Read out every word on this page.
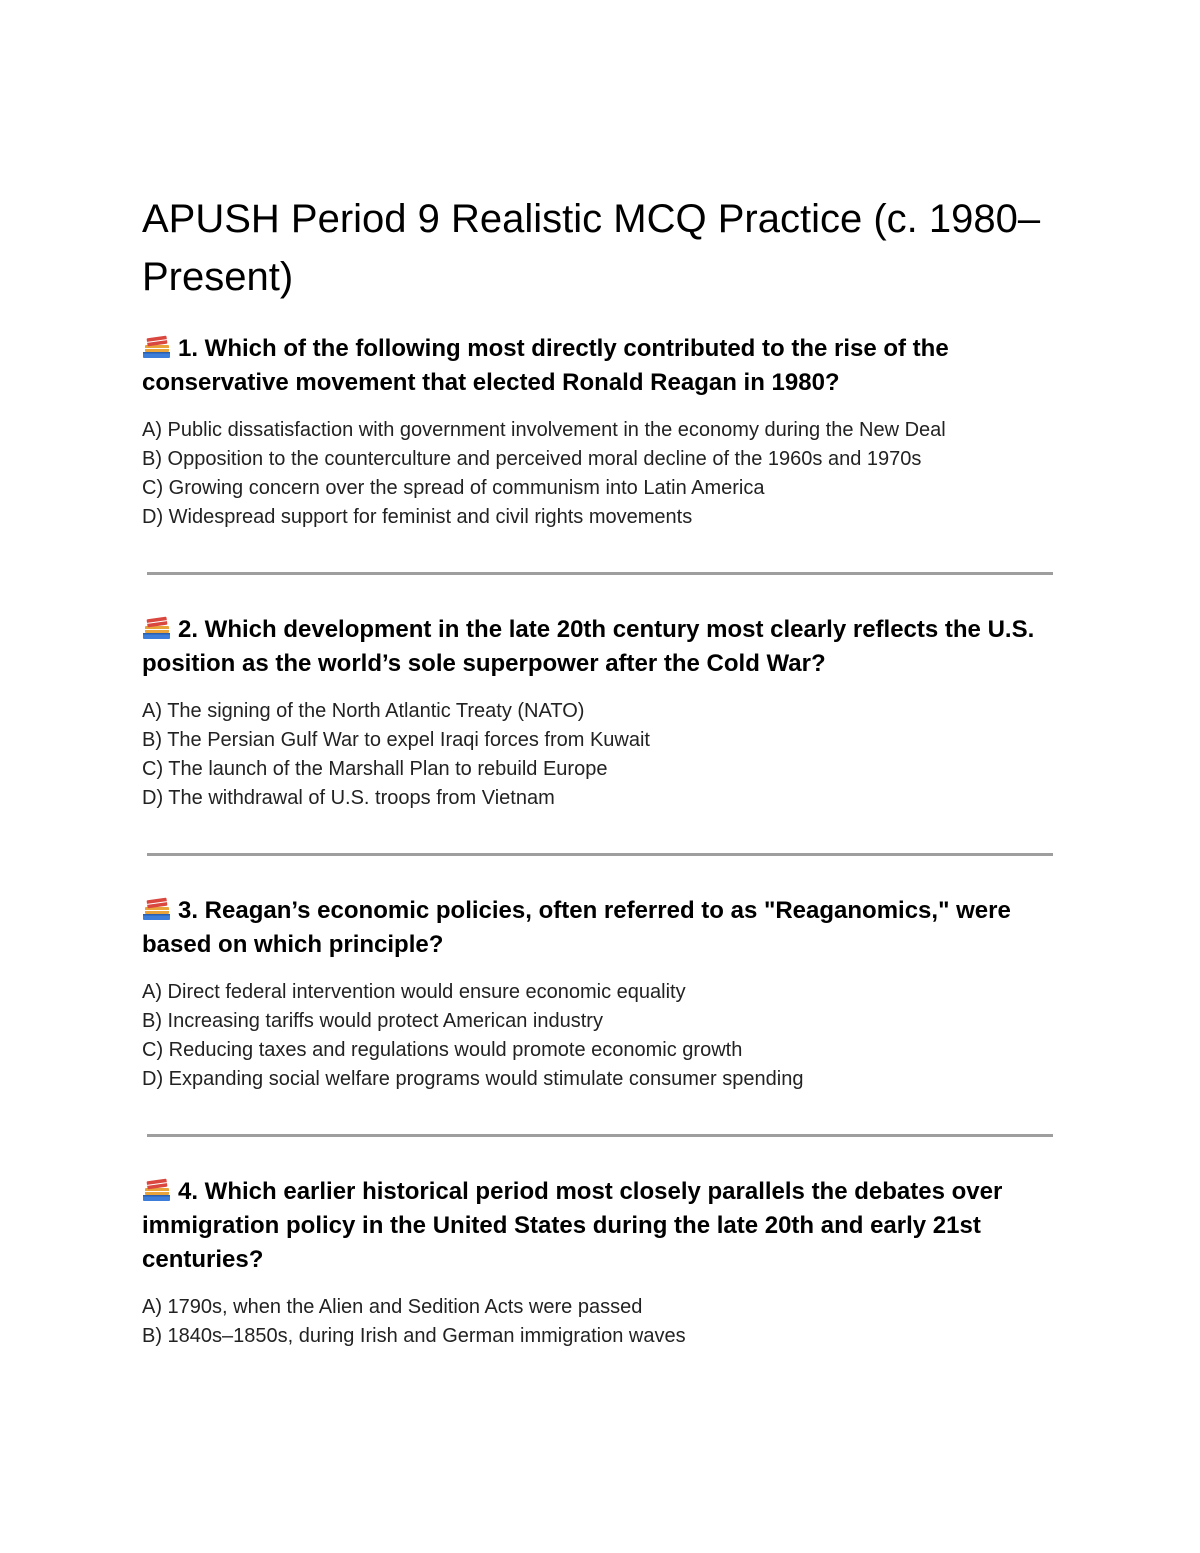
APUSH Period 9 Realistic MCQ Practice (c. 1980–Present)

1. Which of the following most directly contributed to the rise of the conservative movement that elected Ronald Reagan in 1980?

A) Public dissatisfaction with government involvement in the economy during the New Deal
B) Opposition to the counterculture and perceived moral decline of the 1960s and 1970s
C) Growing concern over the spread of communism into Latin America
D) Widespread support for feminist and civil rights movements

2. Which development in the late 20th century most clearly reflects the U.S. position as the world’s sole superpower after the Cold War?

A) The signing of the North Atlantic Treaty (NATO)
B) The Persian Gulf War to expel Iraqi forces from Kuwait
C) The launch of the Marshall Plan to rebuild Europe
D) The withdrawal of U.S. troops from Vietnam

3. Reagan’s economic policies, often referred to as "Reaganomics," were based on which principle?

A) Direct federal intervention would ensure economic equality
B) Increasing tariffs would protect American industry
C) Reducing taxes and regulations would promote economic growth
D) Expanding social welfare programs would stimulate consumer spending

4. Which earlier historical period most closely parallels the debates over immigration policy in the United States during the late 20th and early 21st centuries?

A) 1790s, when the Alien and Sedition Acts were passed
B) 1840s–1850s, during Irish and German immigration waves
